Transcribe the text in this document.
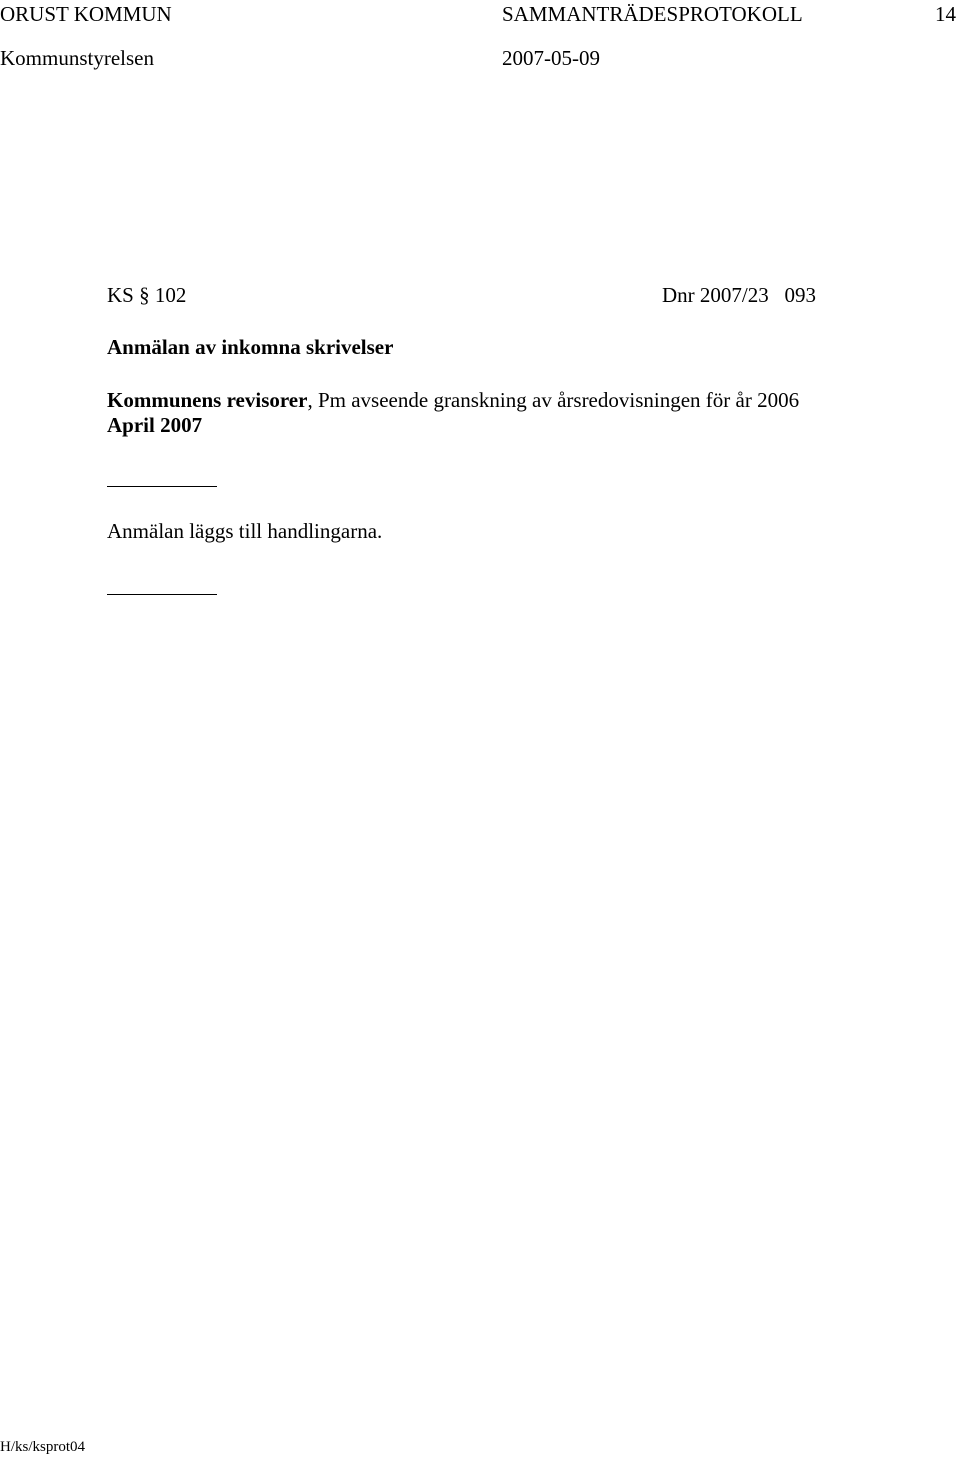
ORUST KOMMUN	SAMMANTRÄDESPROTOKOLL	14
Kommunstyrelsen	2007-05-09
KS § 102	Dnr 2007/23   093
Anmälan av inkomna skrivelser
Kommunens revisorer, Pm avseende granskning av årsredovisningen för år 2006
April 2007
Anmälan läggs till handlingarna.
H/ks/ksprot04
